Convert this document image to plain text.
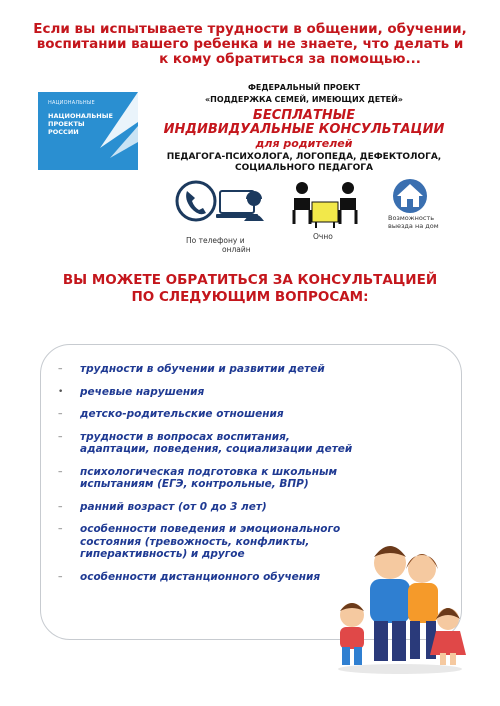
Если вы испытываете трудности в общении, обучении,
воспитании вашего ребенка и не знаете, что делать и
к кому обратиться за помощью...
НАЦИОНАЛЬНЫЕ
НАЦИОНАЛЬНЫЕ ПРОЕКТЫ РОССИИ
ФЕДЕРАЛЬНЫЙ ПРОЕКТ
«ПОДДЕРЖКА СЕМЕЙ, ИМЕЮЩИХ ДЕТЕЙ»
БЕСПЛАТНЫЕ
ИНДИВИДУАЛЬНЫЕ КОНСУЛЬТАЦИИ
для родителей
ПЕДАГОГА-ПСИХОЛОГА, ЛОГОПЕДА, ДЕФЕКТОЛОГА,
СОЦИАЛЬНОГО ПЕДАГОГА
По телефону и
онлайн
Очно
Возможность
выезда на дом
ВЫ МОЖЕТЕ ОБРАТИТЬСЯ ЗА КОНСУЛЬТАЦИЕЙ
ПО СЛЕДУЮЩИМ ВОПРОСАМ:
– трудности в обучении и развитии детей
• речевые нарушения
– детско-родительские отношения
– трудности в вопросах воспитания, адаптации, поведения, социализации детей
– психологическая подготовка к школьным испытаниям (ЕГЭ, контрольные, ВПР)
– ранний возраст (от 0 до 3 лет)
– особенности поведения и эмоционального состояния (тревожность, конфликты, гиперактивность) и другое
– особенности дистанционного обучения
